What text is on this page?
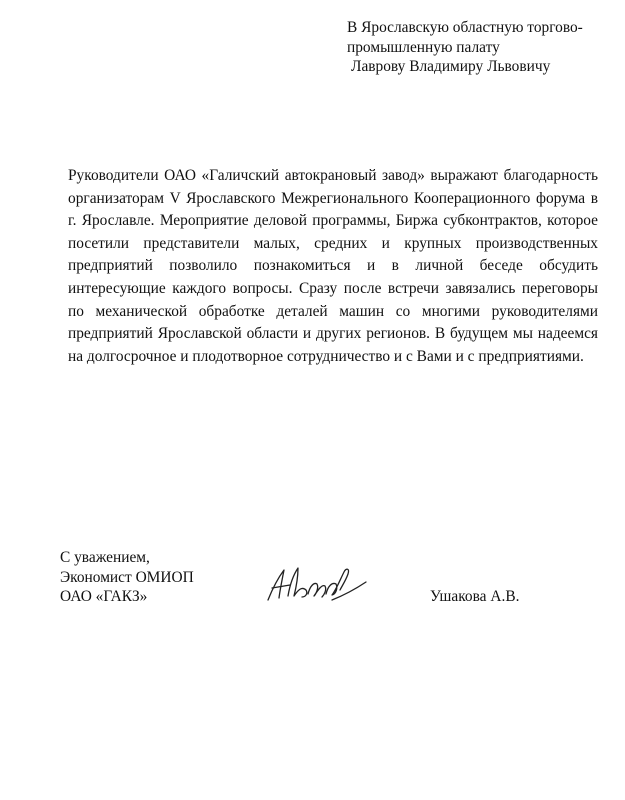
В Ярославскую областную торгово-
промышленную палату
Лаврову Владимиру Львовичу

Руководители ОАО «Галичский автокрановый завод» выражают благодарность организаторам V Ярославского Межрегионального Кооперационного форума в г. Ярославле. Мероприятие деловой программы, Биржа субконтрактов, которое посетили представители малых, средних и крупных производственных предприятий позволило познакомиться и в личной беседе обсудить интересующие каждого вопросы. Сразу после встречи завязались переговоры по механической обработке деталей машин со многими руководителями предприятий Ярославской области и других регионов. В будущем мы надеемся на долгосрочное и плодотворное сотрудничество и с Вами и с предприятиями.

С уважением,
Экономист ОМИОП
ОАО «ГАКЗ»	Ушакова А.В.
